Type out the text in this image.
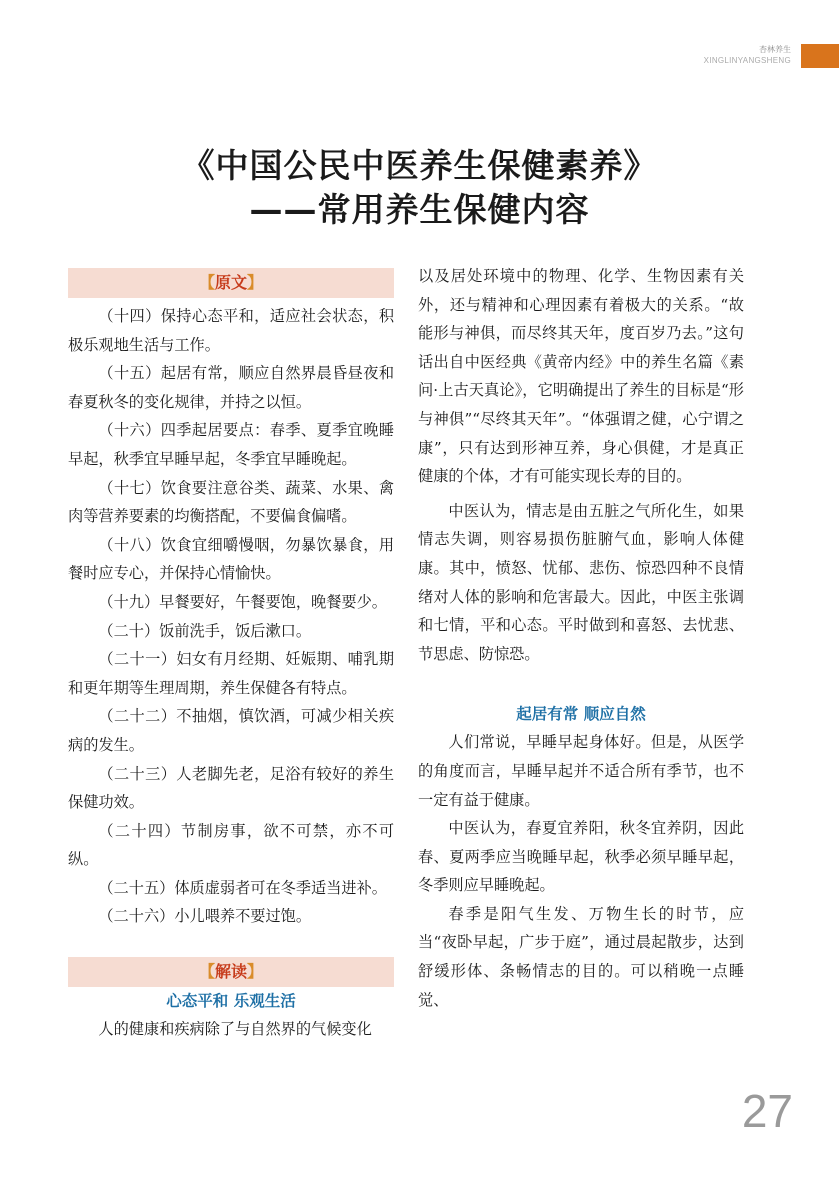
杏林养生
XINGLINYANGSHENG
《中国公民中医养生保健素养》
——常用养生保健内容
【原文】

（十四）保持心态平和，适应社会状态，积极乐观地生活与工作。

（十五）起居有常，顺应自然界晨昏昼夜和春夏秋冬的变化规律，并持之以恒。

（十六）四季起居要点：春季、夏季宜晚睡早起，秋季宜早睡早起，冬季宜早睡晚起。

（十七）饮食要注意谷类、蔬菜、水果、禽肉等营养要素的均衡搭配，不要偏食偏嗜。

（十八）饮食宜细嚼慢咽，勿暴饮暴食，用餐时应专心，并保持心情愉快。

（十九）早餐要好，午餐要饱，晚餐要少。

（二十）饭前洗手，饭后漱口。

（二十一）妇女有月经期、妊娠期、哺乳期和更年期等生理周期，养生保健各有特点。

（二十二）不抽烟，慎饮酒，可减少相关疾病的发生。

（二十三）人老脚先老，足浴有较好的养生保健功效。

（二十四）节制房事，欲不可禁，亦不可纵。

（二十五）体质虚弱者可在冬季适当进补。

（二十六）小儿喂养不要过饱。

【解读】
心态平和 乐观生活

人的健康和疾病除了与自然界的气候变化

以及居处环境中的物理、化学、生物因素有关外，还与精神和心理因素有着极大的关系。“故能形与神俱，而尽终其天年，度百岁乃去。”这句话出自中医经典《黄帝内经》中的养生名篇《素问·上古天真论》，它明确提出了养生的目标是“形与神俱”“尽终其天年”。“体强谓之健，心宁谓之康”，只有达到形神互养，身心俱健，才是真正健康的个体，才有可能实现长寿的目的。

中医认为，情志是由五脏之气所化生，如果情志失调，则容易损伤脏腑气血，影响人体健康。其中，愤怒、忧郁、悲伤、惊恐四种不良情绪对人体的影响和危害最大。因此，中医主张调和七情，平和心态。平时做到和喜怒、去忧悲、节思虑、防惊恐。

起居有常 顺应自然

人们常说，早睡早起身体好。但是，从医学的角度而言，早睡早起并不适合所有季节，也不一定有益于健康。

中医认为，春夏宜养阳，秋冬宜养阴，因此春、夏两季应当晚睡早起，秋季必须早睡早起，冬季则应早睡晚起。

春季是阳气生发、万物生长的时节，应当“夜卧早起，广步于庭”，通过晨起散步，达到舒缓形体、条畅情志的目的。可以稍晚一点睡觉、

27
